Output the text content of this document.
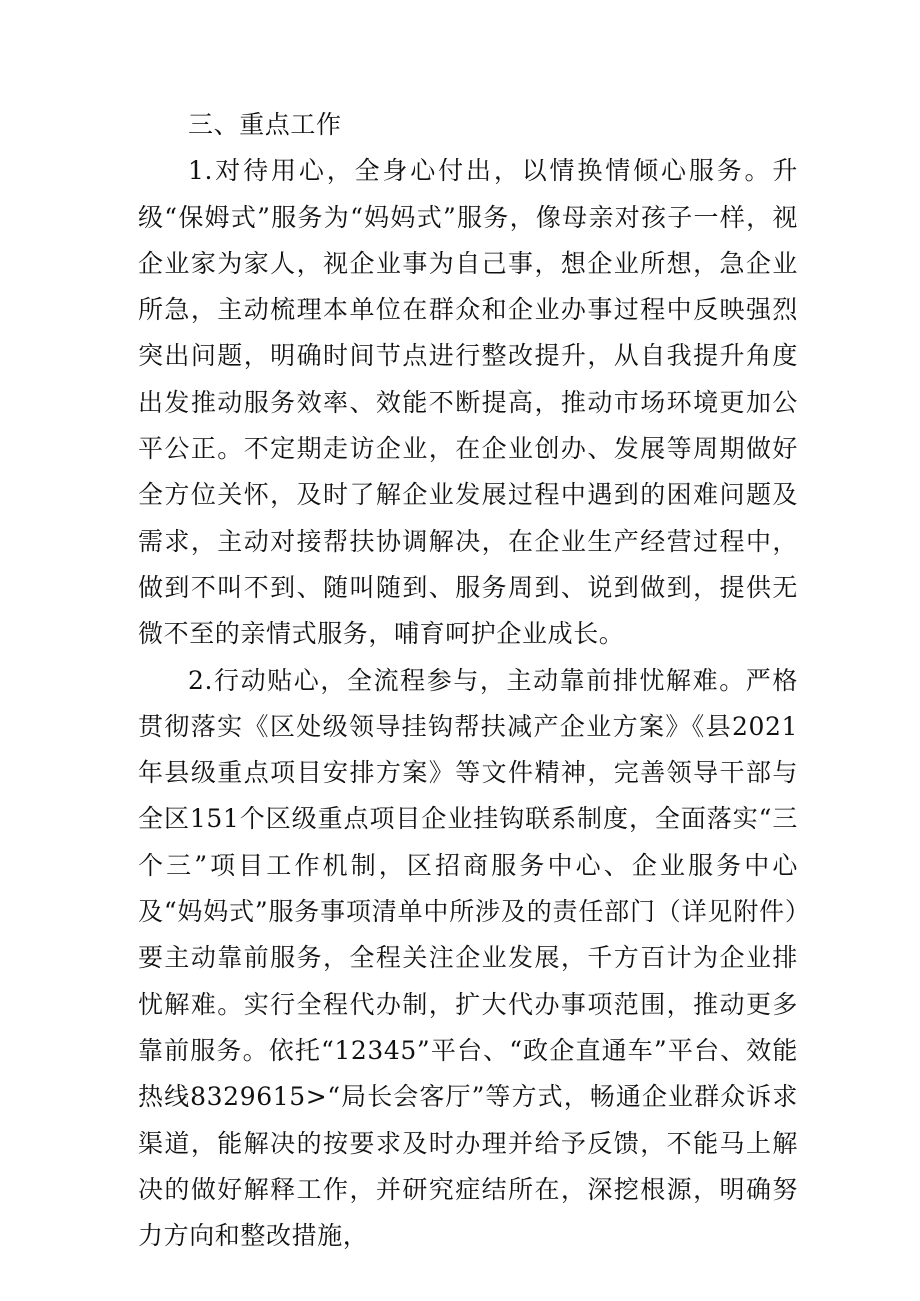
三、重点工作

1.对待用心，全身心付出，以情换情倾心服务。升级“保姆式”服务为“妈妈式”服务，像母亲对孩子一样，视企业家为家人，视企业事为自己事，想企业所想，急企业所急，主动梳理本单位在群众和企业办事过程中反映强烈突出问题，明确时间节点进行整改提升，从自我提升角度出发推动服务效率、效能不断提高，推动市场环境更加公平公正。不定期走访企业，在企业创办、发展等周期做好全方位关怀，及时了解企业发展过程中遇到的困难问题及需求，主动对接帮扶协调解决，在企业生产经营过程中，做到不叫不到、随叫随到、服务周到、说到做到，提供无微不至的亲情式服务，哺育呵护企业成长。

2.行动贴心，全流程参与，主动靠前排忧解难。严格贯彻落实《区处级领导挂钩帮扶减产企业方案》《县2021年县级重点项目安排方案》等文件精神，完善领导干部与全区151个区级重点项目企业挂钩联系制度，全面落实“三个三”项目工作机制，区招商服务中心、企业服务中心及“妈妈式”服务事项清单中所涉及的责任部门（详见附件）要主动靠前服务，全程关注企业发展，千方百计为企业排忧解难。实行全程代办制，扩大代办事项范围，推动更多靠前服务。依托“12345”平台、“政企直通车”平台、效能热线8329615>“局长会客厅”等方式，畅通企业群众诉求渠道，能解决的按要求及时办理并给予反馈，不能马上解决的做好解释工作，并研究症结所在，深挖根源，明确努力方向和整改措施，
